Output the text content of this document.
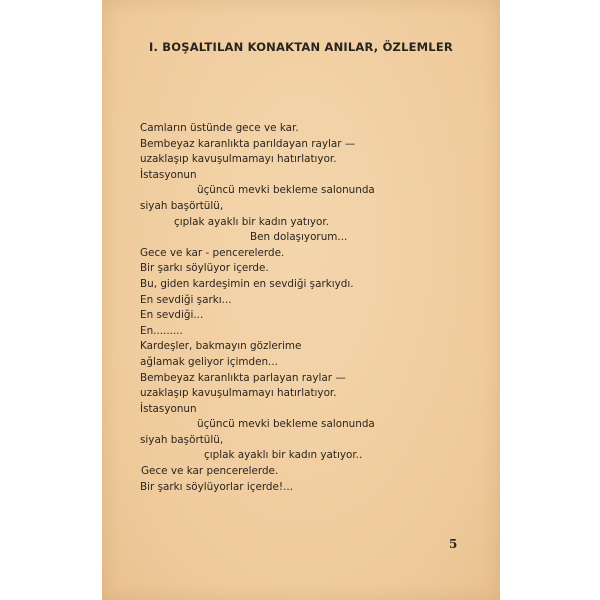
I. BOŞALTILAN KONAKTAN ANILAR, ÖZLEMLER
Camların üstünde gece ve kar.
Bembeyaz karanlıkta parıldayan raylar —
uzaklaşıp kavuşulmamayı hatırlatıyor.
İstasyonun
üçüncü mevki bekleme salonunda
siyah başörtülü,
çıplak ayaklı bir kadın yatıyor.
Ben dolaşıyorum...
Gece ve kar - pencerelerde.
Bir şarkı söylüyor içerde.
Bu, giden kardeşimin en sevdiği şarkıydı.
En sevdiği şarkı...
En sevdiği...
En.........
Kardeşler, bakmayın gözlerime
ağlamak geliyor içimden...
Bembeyaz karanlıkta parlayan raylar —
uzaklaşıp kavuşulmamayı hatırlatıyor.
İstasyonun
üçüncü mevki bekleme salonunda
siyah başörtülü,
çıplak ayaklı bir kadın yatıyor..
Gece ve kar pencerelerde.
Bir şarkı söylüyorlar içerde!...
5
